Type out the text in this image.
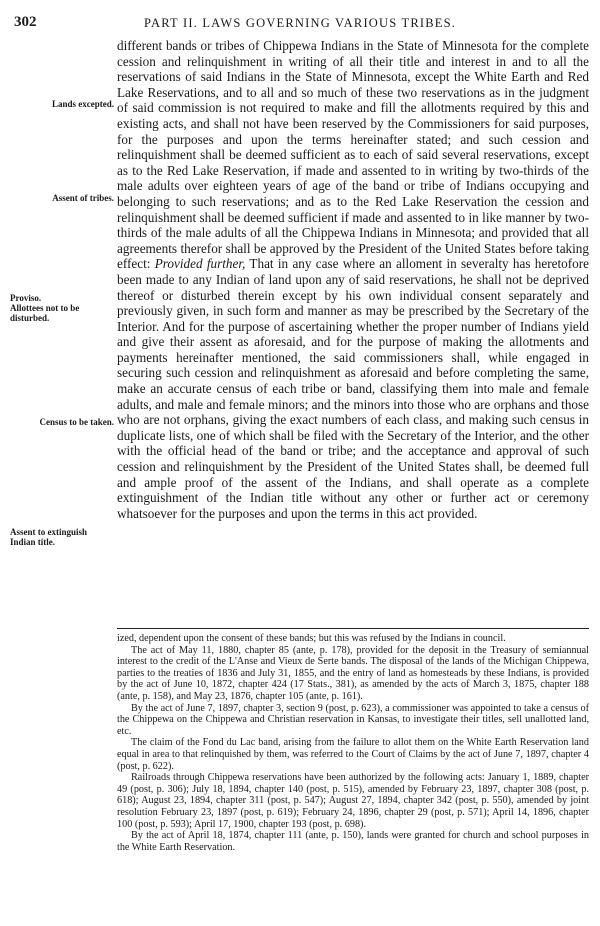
302	PART II. LAWS GOVERNING VARIOUS TRIBES.
Lands excepted.
Assent of tribes.
Proviso.
Allottees not to be disturbed.
Census to be taken.
Assent to extinguish Indian title.

different bands or tribes of Chippewa Indians in the State of Minnesota for the complete cession and relinquishment in writing of all their title and interest in and to all the reservations of said Indians in the State of Minnesota, except the White Earth and Red Lake Reservations, and to all and so much of these two reservations as in the judgment of said commission is not required to make and fill the allotments required by this and existing acts, and shall not have been reserved by the Commissioners for said purposes, for the purposes and upon the terms hereinafter stated; and such cession and relinquishment shall be deemed sufficient as to each of said several reservations, except as to the Red Lake Reservation, if made and assented to in writing by two-thirds of the male adults over eighteen years of age of the band or tribe of Indians occupying and belonging to such reservations; and as to the Red Lake Reservation the cession and relinquishment shall be deemed sufficient if made and assented to in like manner by two-thirds of the male adults of all the Chippewa Indians in Minnesota; and provided that all agreements therefor shall be approved by the President of the United States before taking effect: Provided further, That in any case where an alloment in severalty has heretofore been made to any Indian of land upon any of said reservations, he shall not be deprived thereof or disturbed therein except by his own individual consent separately and previously given, in such form and manner as may be prescribed by the Secretary of the Interior. And for the purpose of ascertaining whether the proper number of Indians yield and give their assent as aforesaid, and for the purpose of making the allotments and payments hereinafter mentioned, the said commissioners shall, while engaged in securing such cession and relinquishment as aforesaid and before completing the same, make an accurate census of each tribe or band, classifying them into male and female adults, and male and female minors; and the minors into those who are orphans and those who are not orphans, giving the exact numbers of each class, and making such census in duplicate lists, one of which shall be filed with the Secretary of the Interior, and the other with the official head of the band or tribe; and the acceptance and approval of such cession and relinquishment by the President of the United States shall, be deemed full and ample proof of the assent of the Indians, and shall operate as a complete extinguishment of the Indian title without any other or further act or ceremony whatsoever for the purposes and upon the terms in this act provided.

ized, dependent upon the consent of these bands; but this was refused by the Indians in council.

The act of May 11, 1880, chapter 85 (ante, p. 178), provided for the deposit in the Treasury of semiannual interest to the credit of the L'Anse and Vieux de Serte bands. The disposal of the lands of the Michigan Chippewa, parties to the treaties of 1836 and July 31, 1855, and the entry of land as homesteads by these Indians, is provided by the act of June 10, 1872, chapter 424 (17 Stats., 381), as amended by the acts of March 3, 1875, chapter 188 (ante, p. 158), and May 23, 1876, chapter 105 (ante, p. 161).

By the act of June 7, 1897, chapter 3, section 9 (post, p. 623), a commissioner was appointed to take a census of the Chippewa on the Chippewa and Christian reservation in Kansas, to investigate their titles, sell unallotted land, etc.

The claim of the Fond du Lac band, arising from the failure to allot them on the White Earth Reservation land equal in area to that relinquished by them, was referred to the Court of Claims by the act of June 7, 1897, chapter 4 (post, p. 622).

Railroads through Chippewa reservations have been authorized by the following acts: January 1, 1889, chapter 49 (post, p. 306); July 18, 1894, chapter 140 (post, p. 515), amended by February 23, 1897, chapter 308 (post, p. 618); August 23, 1894, chapter 311 (post, p. 547); August 27, 1894, chapter 342 (post, p. 550), amended by joint resolution February 23, 1897 (post, p. 619); February 24, 1896, chapter 29 (post, p. 571); April 14, 1896, chapter 100 (post, p. 593); April 17, 1900, chapter 193 (post, p. 698).

By the act of April 18, 1874, chapter 111 (ante, p. 150), lands were granted for church and school purposes in the White Earth Reservation.
